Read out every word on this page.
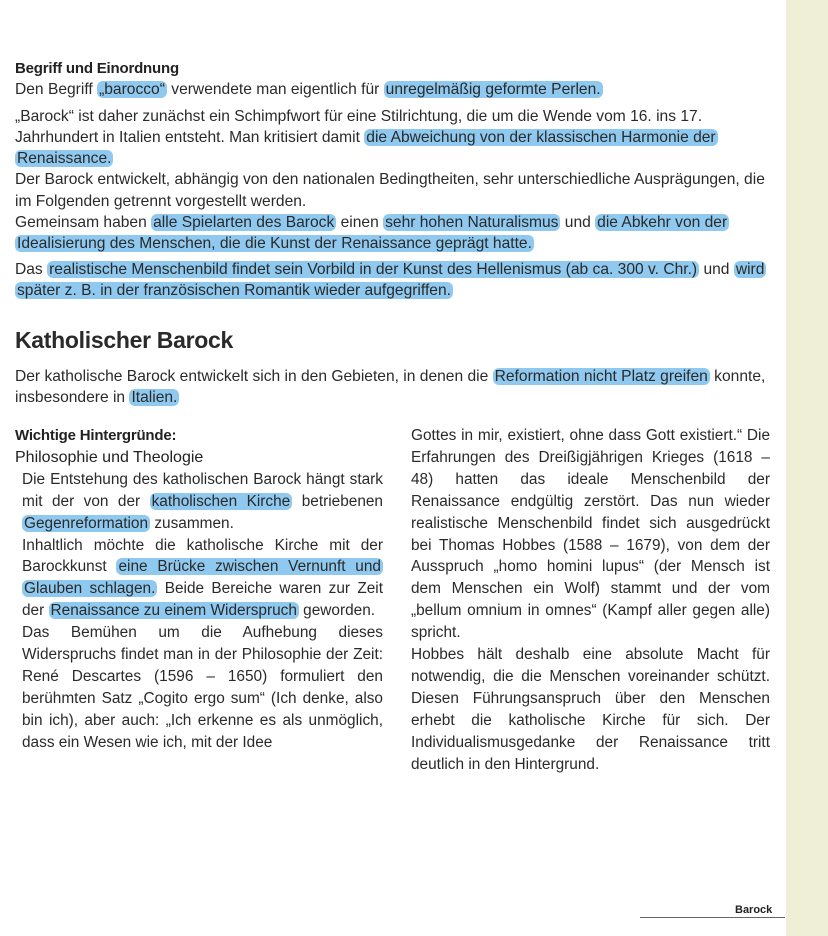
Begriff und Einordnung

Den Begriff „barocco“ verwendete man eigentlich für unregelmäßig geformte Perlen.

„Barock“ ist daher zunächst ein Schimpfwort für eine Stilrichtung, die um die Wende vom 16. ins 17. Jahrhundert in Italien entsteht. Man kritisiert damit die Abweichung von der klassischen Harmonie der Renaissance.

Der Barock entwickelt, abhängig von den nationalen Bedingtheiten, sehr unterschiedliche Ausprägungen, die im Folgenden getrennt vorgestellt werden.

Gemeinsam haben alle Spielarten des Barock einen sehr hohen Naturalismus und die Abkehr von der Idealisierung des Menschen, die die Kunst der Renaissance geprägt hatte.

Das realistische Menschenbild findet sein Vorbild in der Kunst des Hellenismus (ab ca. 300 v. Chr.) und wird später z. B. in der französischen Romantik wieder aufgegriffen.

Katholischer Barock

Der katholische Barock entwickelt sich in den Gebieten, in denen die Reformation nicht Platz greifen konnte, insbesondere in Italien.

Wichtige Hintergründe:
Philosophie und Theologie

Die Entstehung des katholischen Barock hängt stark mit der von der katholischen Kirche betriebenen Gegenreformation zusammen.

Inhaltlich möchte die katholische Kirche mit der Barockkunst eine Brücke zwischen Vernunft und Glauben schlagen. Beide Bereiche waren zur Zeit der Renaissance zu einem Widerspruch geworden.

Das Bemühen um die Aufhebung dieses Widerspruchs findet man in der Philosophie der Zeit: René Descartes (1596 – 1650) formuliert den berühmten Satz „Cogito ergo sum“ (Ich denke, also bin ich), aber auch: „Ich erkenne es als unmöglich, dass ein Wesen wie ich, mit der Idee

Gottes in mir, existiert, ohne dass Gott existiert.“ Die Erfahrungen des Dreißigjährigen Krieges (1618 – 48) hatten das ideale Menschenbild der Renaissance endgültig zerstört. Das nun wieder realistische Menschenbild findet sich ausgedrückt bei Thomas Hobbes (1588 – 1679), von dem der Ausspruch „homo homini lupus“ (der Mensch ist dem Menschen ein Wolf) stammt und der vom „bellum omnium in omnes“ (Kampf aller gegen alle) spricht.

Hobbes hält deshalb eine absolute Macht für notwendig, die die Menschen voreinander schützt. Diesen Führungsanspruch über den Menschen erhebt die katholische Kirche für sich. Der Individualismusgedanke der Renaissance tritt deutlich in den Hintergrund.

Barock
